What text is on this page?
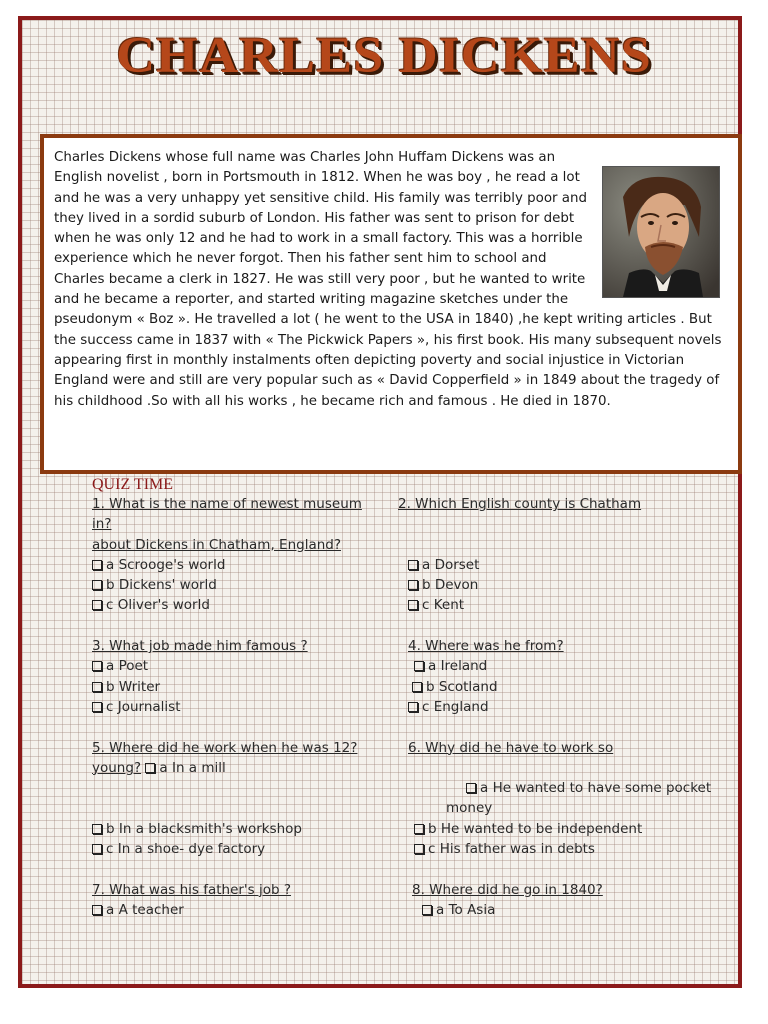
CHARLES DICKENS

Charles Dickens whose full name was Charles John Huffam Dickens was an English novelist , born in Portsmouth in 1812. When he was boy , he read a lot and he was a very unhappy yet sensitive child. His family was terribly poor and they lived in a sordid suburb of London. His father was sent to prison for debt when he was only 12 and he had to work in a small factory. This was a horrible experience which he never forgot. Then his father sent him to school and Charles became a clerk in 1827. He was still very poor , but he wanted to write and he became a reporter, and started writing magazine sketches under the pseudonym « Boz ». He travelled a lot ( he went to the USA in 1840) ,he kept writing articles . But the success came in 1837 with « The Pickwick Papers », his first book. His many subsequent novels appearing first in monthly instalments often depicting poverty and social injustice in Victorian England were and still are very popular such as « David Copperfield » in 1849 about the tragedy of his childhood .So with all his works , he became rich and famous . He died in 1870.

QUIZ TIME
1. What is the name of newest museum	2. Which English county is Chatham
in?
about Dickens in Chatham, England?
a Scrooge's world	a Dorset
b Dickens' world	b Devon
c Oliver's world	c Kent
3. What job made him famous ?	4. Where was he from?
a Poet	a Ireland
b Writer	b Scotland
c Journalist	c England
5. Where did he work when he was 12?	6. Why did he have to work so
young? a In a mill
a He wanted to have some pocket
money
b In a blacksmith's workshop	b He wanted to be independent
c In a shoe- dye factory	c His father was in debts
7. What was his father's job ?	8. Where did he go in 1840?
a A teacher	a To Asia
